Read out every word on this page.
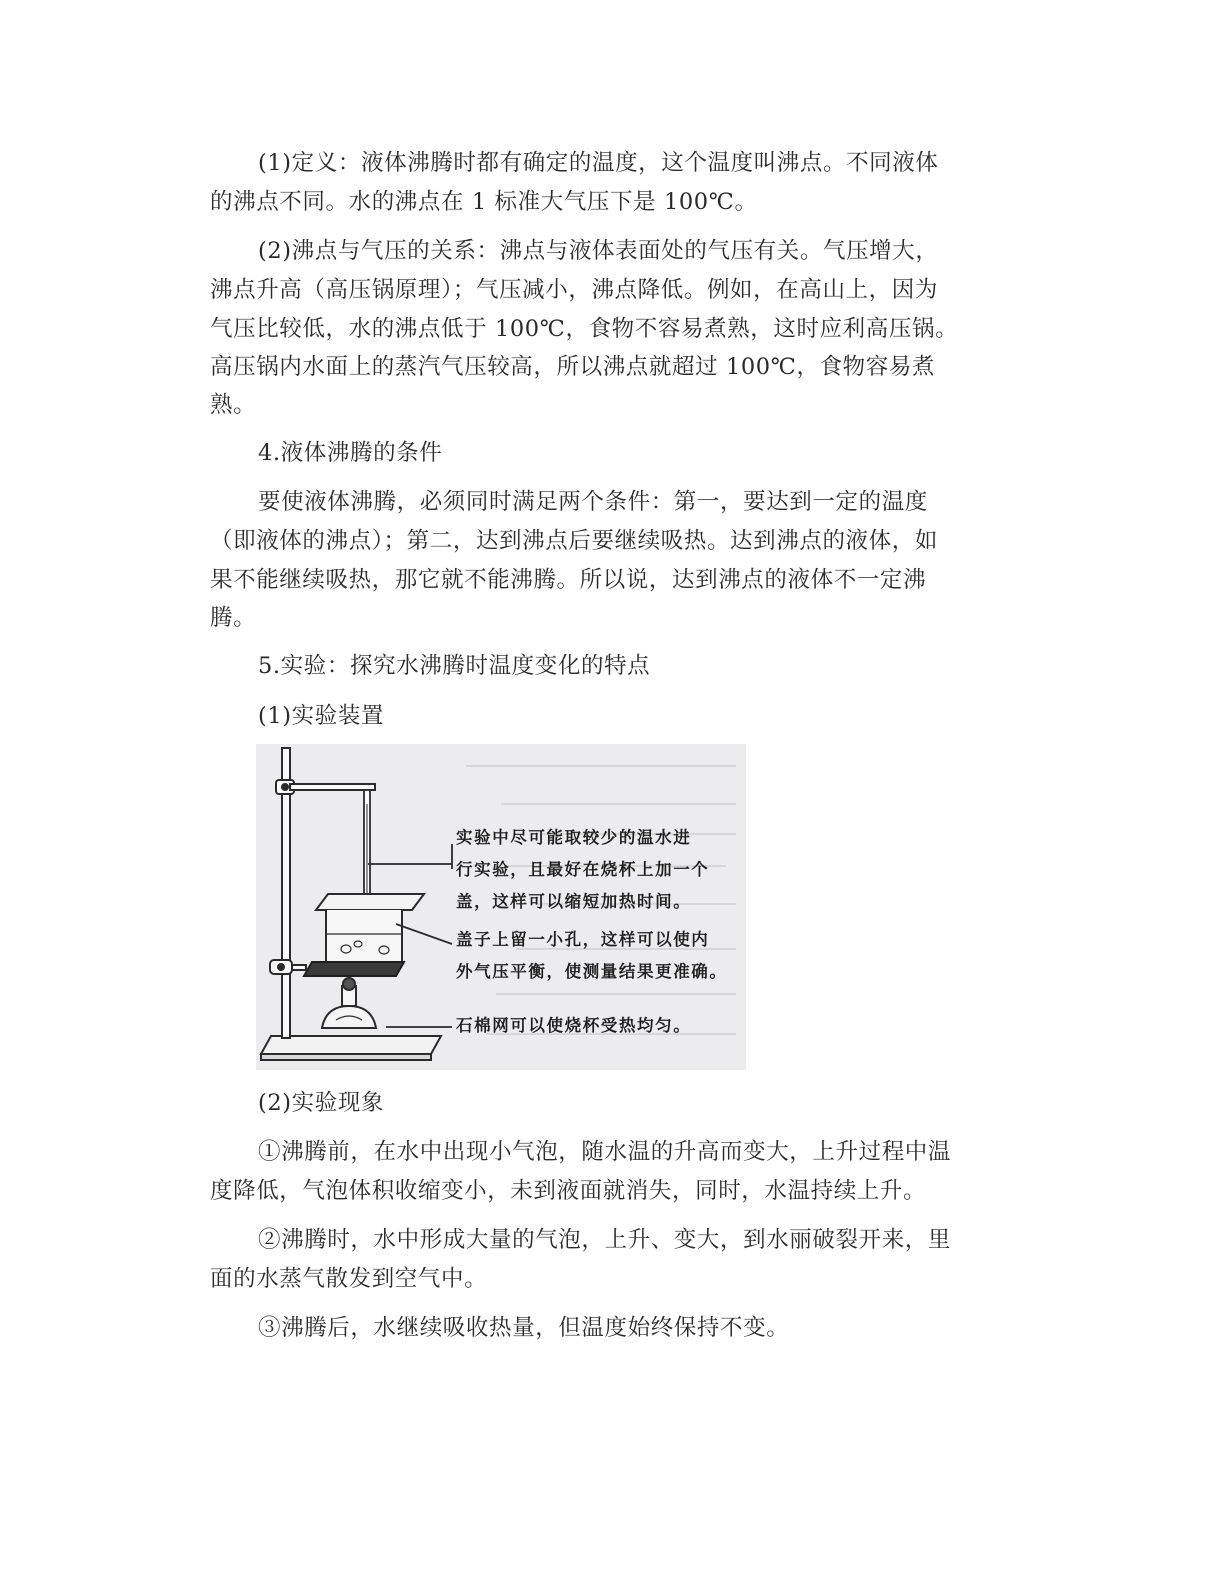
(1)定义：液体沸腾时都有确定的温度，这个温度叫沸点。不同液体
的沸点不同。水的沸点在 1 标准大气压下是 100℃。
(2)沸点与气压的关系：沸点与液体表面处的气压有关。气压增大，
沸点升高（高压锅原理）；气压减小，沸点降低。例如，在高山上，因为
气压比较低，水的沸点低于 100℃，食物不容易煮熟，这时应利高压锅。
高压锅内水面上的蒸汽气压较高，所以沸点就超过 100℃，食物容易煮
熟。
4.液体沸腾的条件
要使液体沸腾，必须同时满足两个条件：第一，要达到一定的温度
（即液体的沸点）；第二，达到沸点后要继续吸热。达到沸点的液体，如
果不能继续吸热，那它就不能沸腾。所以说，达到沸点的液体不一定沸
腾。
5.实验：探究水沸腾时温度变化的特点
(1)实验装置
实验中尽可能取较少的温水进
行实验，且最好在烧杯上加一个
盖，这样可以缩短加热时间。
盖子上留一小孔，这样可以使内
外气压平衡，使测量结果更准确。
石棉网可以使烧杯受热均匀。
(2)实验现象
①沸腾前，在水中出现小气泡，随水温的升高而变大，上升过程中温
度降低，气泡体积收缩变小，未到液面就消失，同时，水温持续上升。
②沸腾时，水中形成大量的气泡，上升、变大，到水丽破裂开来，里
面的水蒸气散发到空气中。
③沸腾后，水继续吸收热量，但温度始终保持不变。
